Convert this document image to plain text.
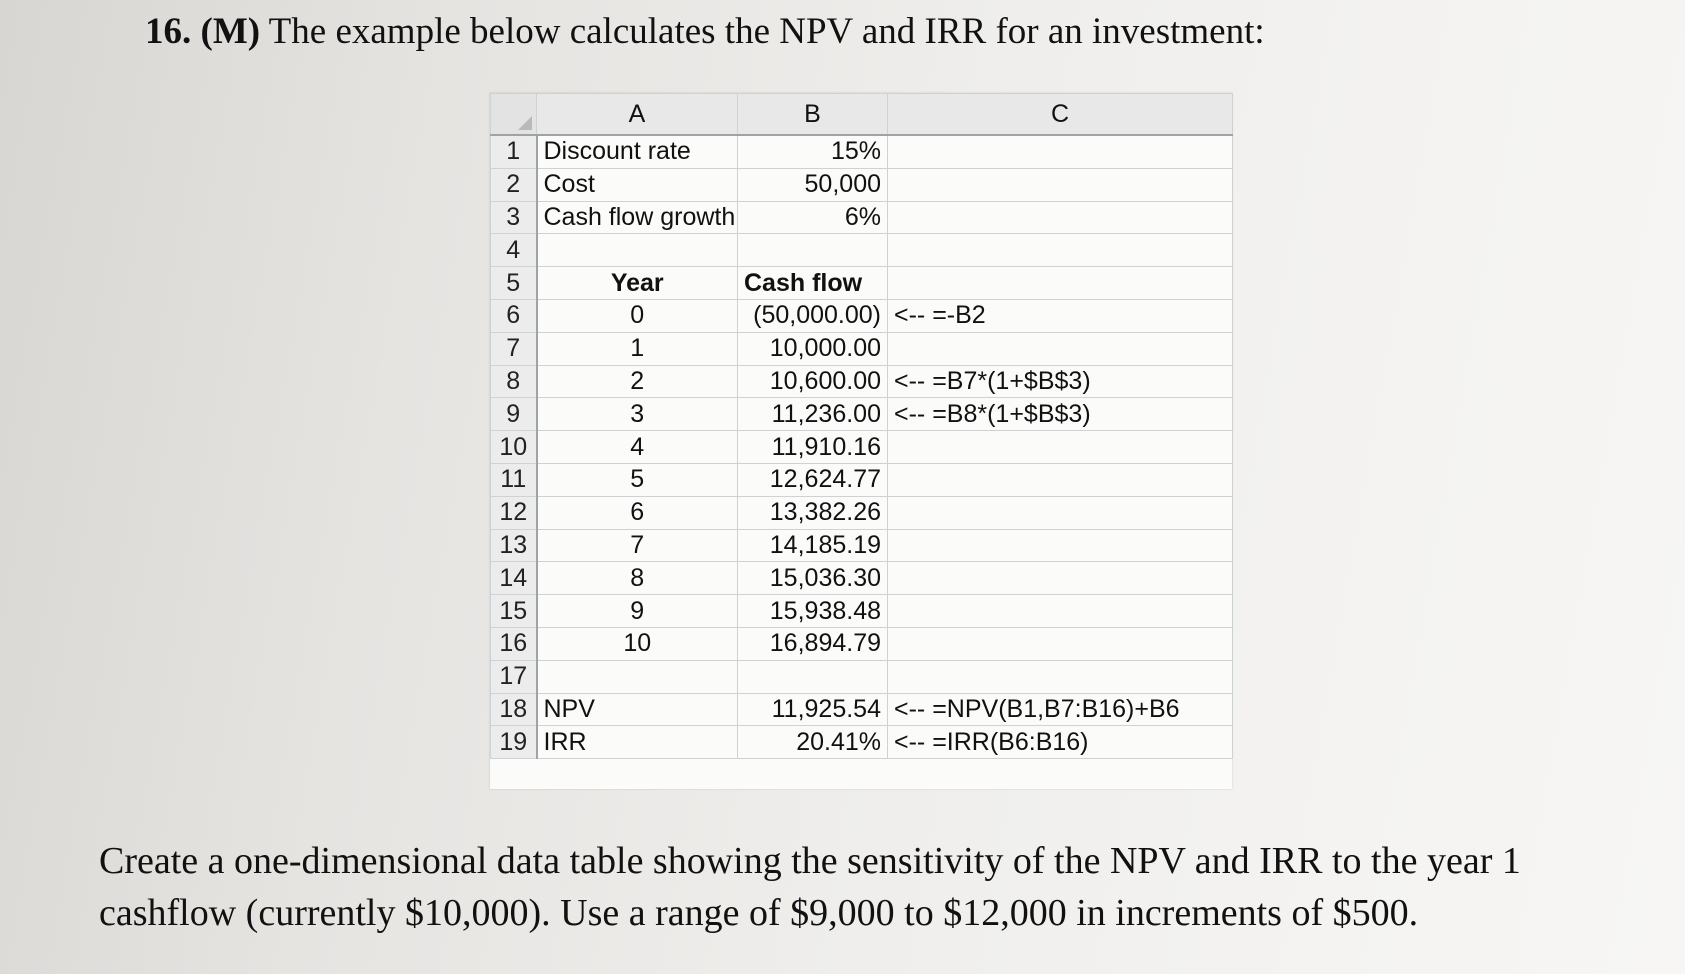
16. (M) The example below calculates the NPV and IRR for an investment:
	A	B	C
1	Discount rate	15%	
2	Cost	50,000	
3	Cash flow growth	6%	
4			
5	Year	Cash flow	
6	0	(50,000.00)	<-- =-B2
7	1	10,000.00	
8	2	10,600.00	<-- =B7*(1+$B$3)
9	3	11,236.00	<-- =B8*(1+$B$3)
10	4	11,910.16	
11	5	12,624.77	
12	6	13,382.26	
13	7	14,185.19	
14	8	15,036.30	
15	9	15,938.48	
16	10	16,894.79	
17			
18	NPV	11,925.54	<-- =NPV(B1,B7:B16)+B6
19	IRR	20.41%	<-- =IRR(B6:B16)
Create a one-dimensional data table showing the sensitivity of the NPV and IRR to the year 1 cashflow (currently $10,000). Use a range of $9,000 to $12,000 in increments of $500.
